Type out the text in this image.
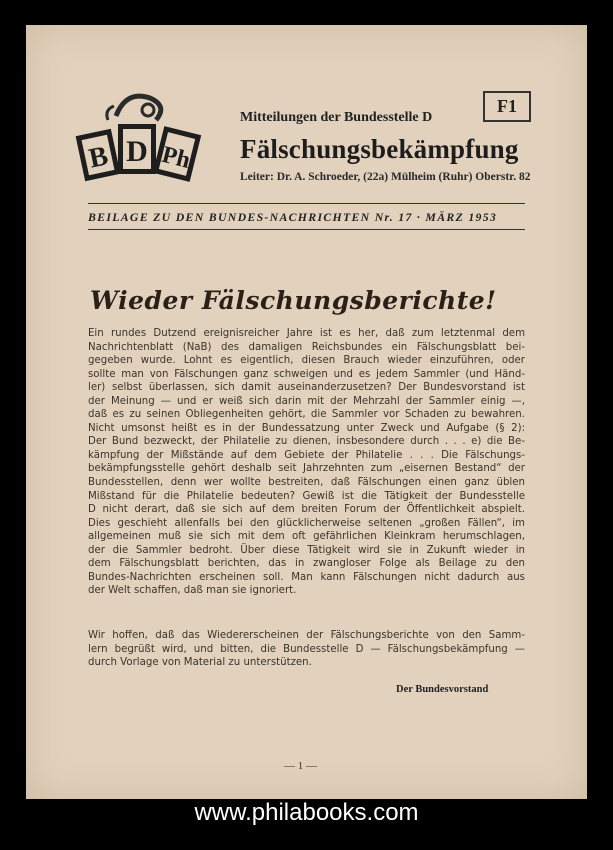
B D Ph
Mitteilungen der Bundesstelle D
F1
Fälschungsbekämpfung
Leiter: Dr. A. Schroeder, (22a) Mülheim (Ruhr) Oberstr. 82
BEILAGE ZU DEN BUNDES-NACHRICHTEN Nr. 17 · MÄRZ 1953
Wieder Fälschungsberichte!
Ein rundes Dutzend ereignisreicher Jahre ist es her, daß zum letztenmal dem
Nachrichtenblatt (NaB) des damaligen Reichsbundes ein Fälschungsblatt bei-
gegeben wurde. Lohnt es eigentlich, diesen Brauch wieder einzuführen, oder
sollte man von Fälschungen ganz schweigen und es jedem Sammler (und Händ-
ler) selbst überlassen, sich damit auseinanderzusetzen? Der Bundesvorstand ist
der Meinung — und er weiß sich darin mit der Mehrzahl der Sammler einig —,
daß es zu seinen Obliegenheiten gehört, die Sammler vor Schaden zu bewahren.
Nicht umsonst heißt es in der Bundessatzung unter Zweck und Aufgabe (§ 2):
Der Bund bezweckt, der Philatelie zu dienen, insbesondere durch . . . e) die Be-
kämpfung der Mißstände auf dem Gebiete der Philatelie . . . Die Fälschungs-
bekämpfungsstelle gehört deshalb seit Jahrzehnten zum „eisernen Bestand“ der
Bundesstellen, denn wer wollte bestreiten, daß Fälschungen einen ganz üblen
Mißstand für die Philatelie bedeuten? Gewiß ist die Tätigkeit der Bundesstelle
D nicht derart, daß sie sich auf dem breiten Forum der Öffentlichkeit abspielt.
Dies geschieht allenfalls bei den glücklicherweise seltenen „großen Fällen“, im
allgemeinen muß sie sich mit dem oft gefährlichen Kleinkram herumschlagen,
der die Sammler bedroht. Über diese Tätigkeit wird sie in Zukunft wieder in
dem Fälschungsblatt berichten, das in zwangloser Folge als Beilage zu den
Bundes-Nachrichten erscheinen soll. Man kann Fälschungen nicht dadurch aus
der Welt schaffen, daß man sie ignoriert.
Wir hoffen, daß das Wiedererscheinen der Fälschungsberichte von den Samm-
lern begrüßt wird, und bitten, die Bundesstelle D — Fälschungsbekämpfung —
durch Vorlage von Material zu unterstützen.
Der Bundesvorstand
— 1 —
www.philabooks.com
